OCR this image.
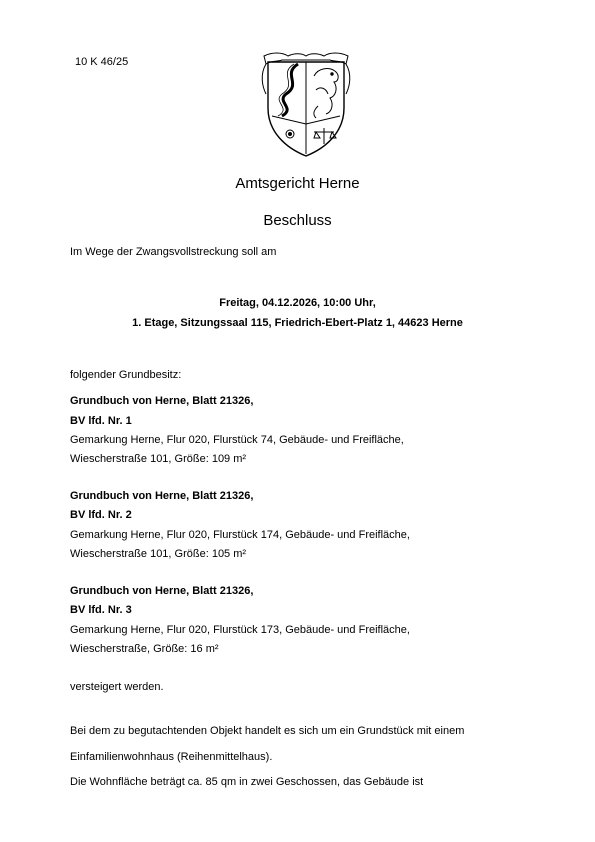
10 K 46/25
Amtsgericht Herne
Beschluss
Im Wege der Zwangsvollstreckung soll am
Freitag, 04.12.2026, 10:00 Uhr,
1. Etage, Sitzungssaal 115, Friedrich-Ebert-Platz 1, 44623 Herne
folgender Grundbesitz:
Grundbuch von Herne, Blatt 21326,
BV lfd. Nr. 1
Gemarkung Herne, Flur 020, Flurstück 74, Gebäude- und Freifläche,
Wiescherstraße 101, Größe: 109 m²
Grundbuch von Herne, Blatt 21326,
BV lfd. Nr. 2
Gemarkung Herne, Flur 020, Flurstück 174, Gebäude- und Freifläche,
Wiescherstraße 101, Größe: 105 m²
Grundbuch von Herne, Blatt 21326,
BV lfd. Nr. 3
Gemarkung Herne, Flur 020, Flurstück 173, Gebäude- und Freifläche,
Wiescherstraße, Größe: 16 m²
versteigert werden.
Bei dem zu begutachtenden Objekt handelt es sich um ein Grundstück mit einem
Einfamilienwohnhaus (Reihenmittelhaus).
Die Wohnfläche beträgt ca. 85 qm in zwei Geschossen, das Gebäude ist
